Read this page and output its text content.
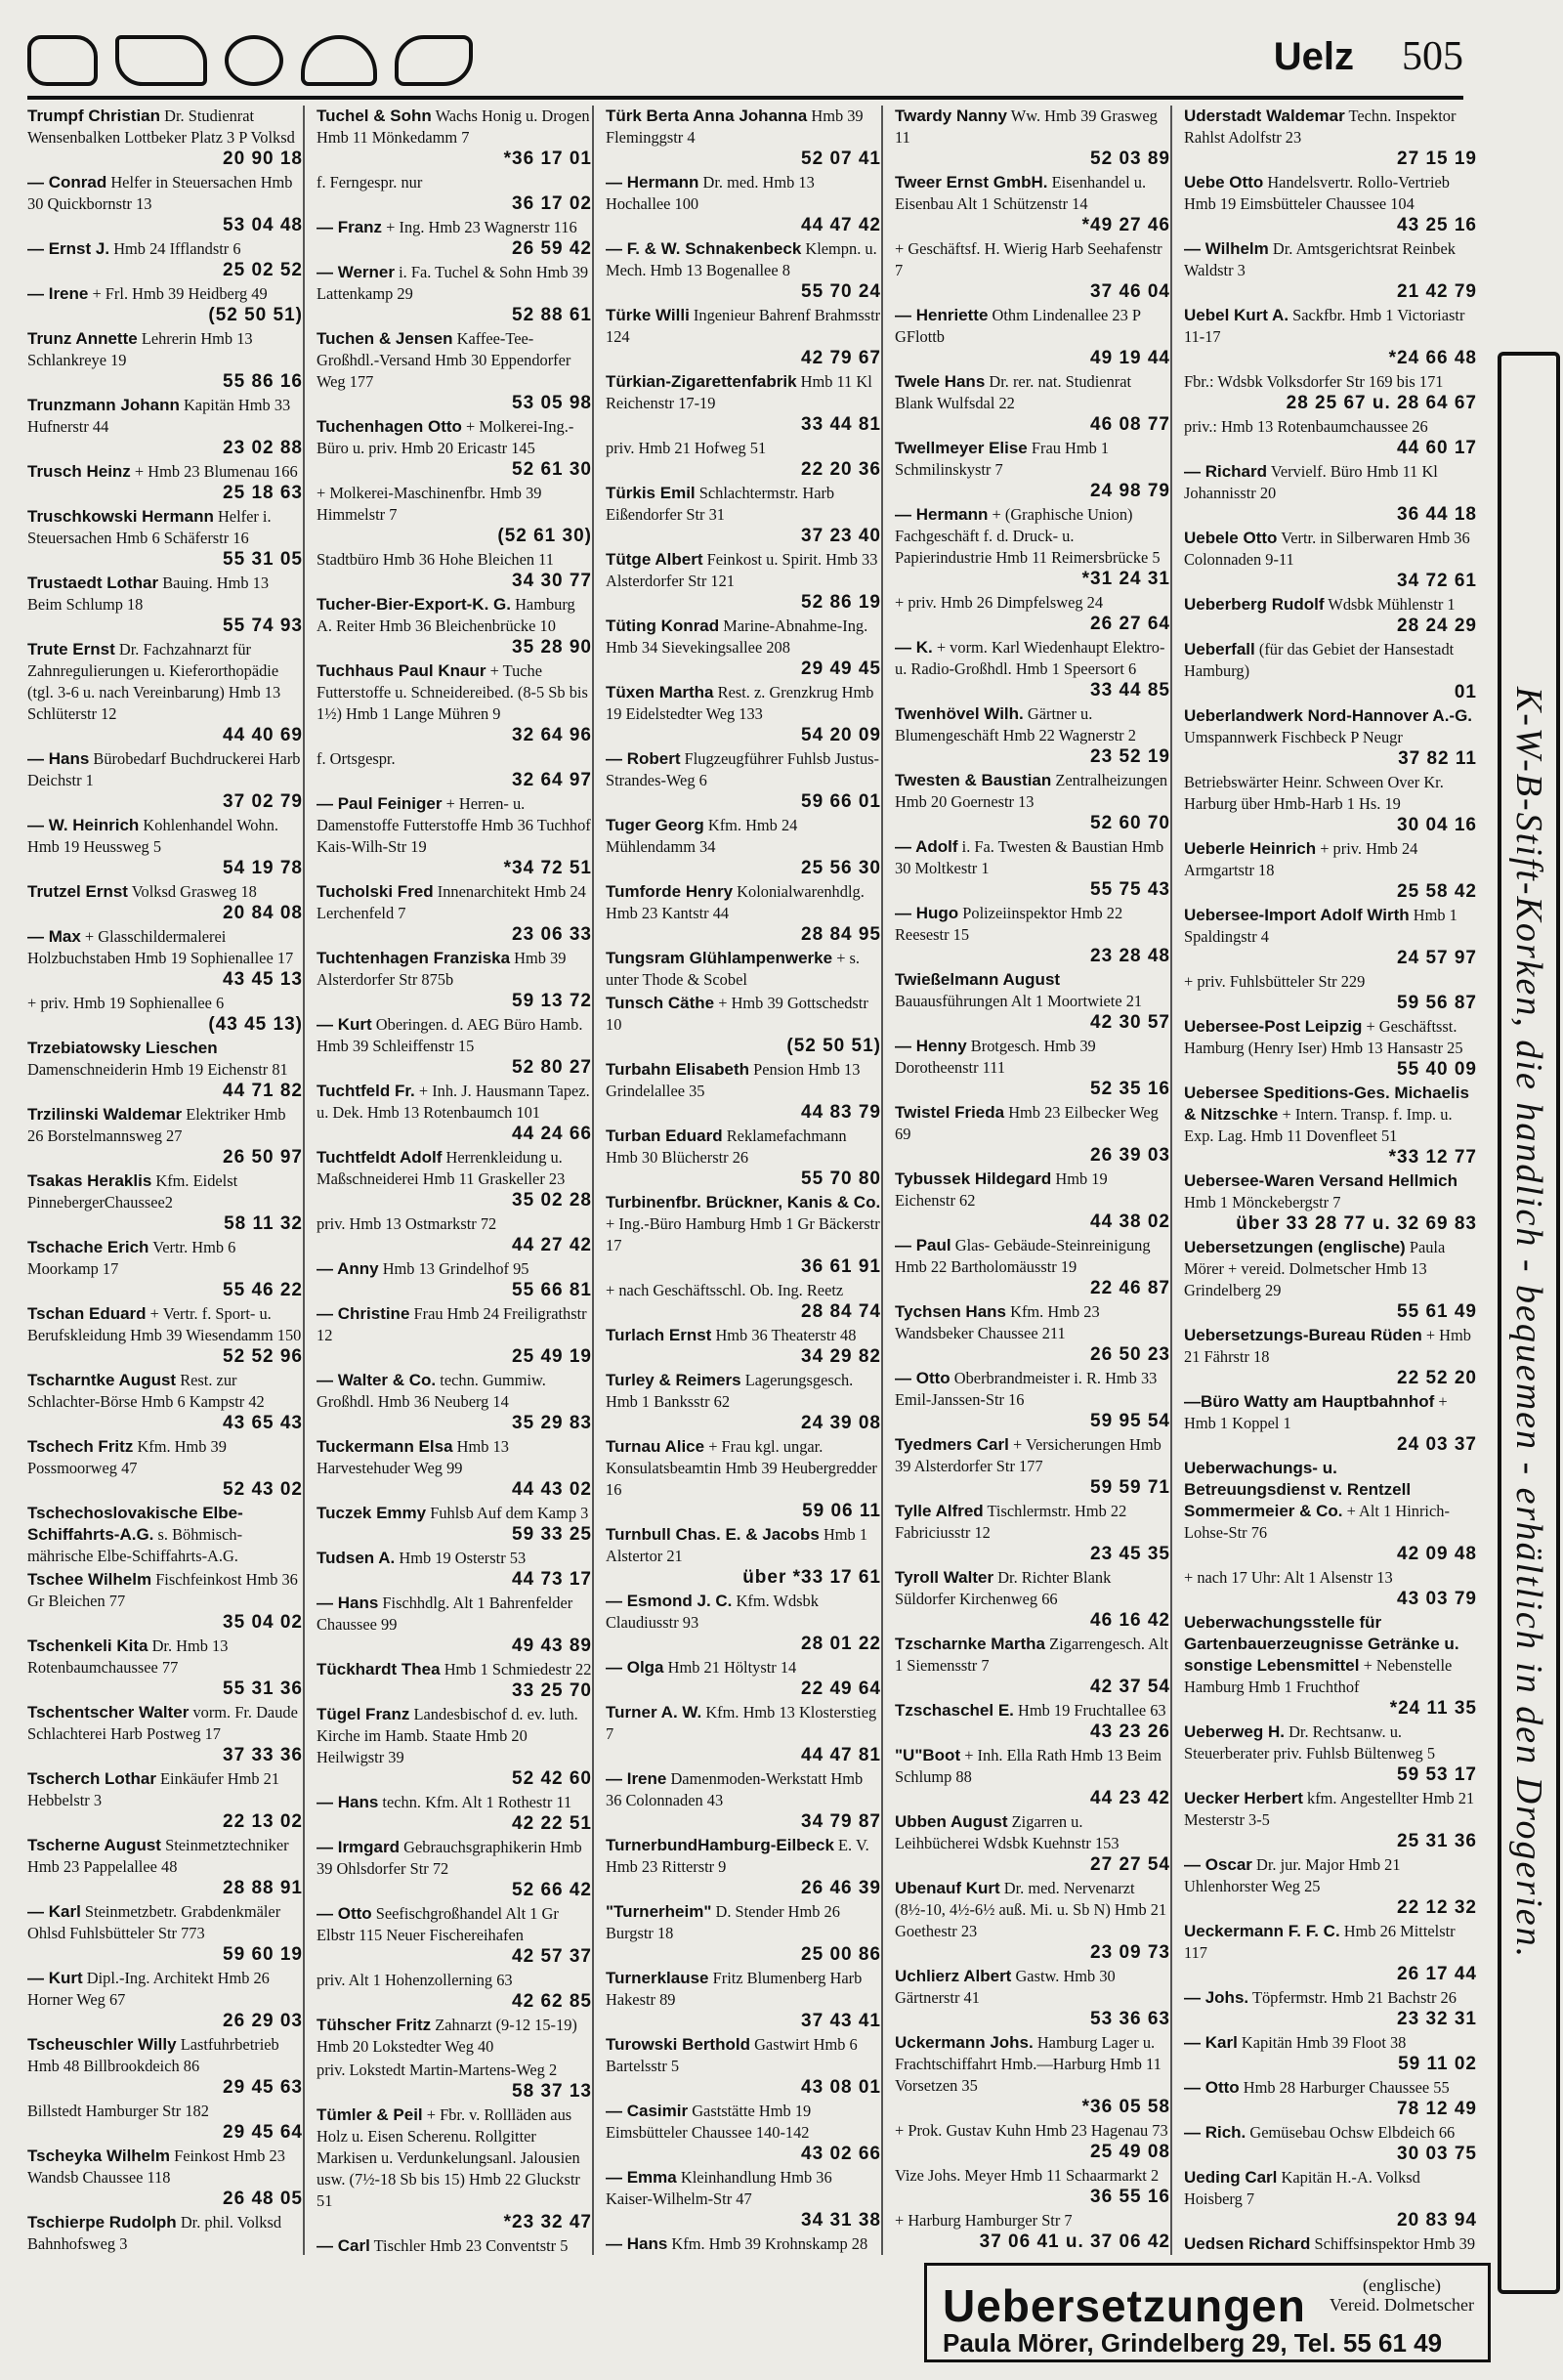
Uelz 505
Trumpf Christian Dr. Studienrat Wensenbalken Lottbeker Platz 3 P Volksd
20 90 18
— Conrad Helfer in Steuersachen Hmb 30 Quickbornstr 13
53 04 48
— Ernst J. Hmb 24 Ifflandstr 6
25 02 52
— Irene + Frl. Hmb 39 Heidberg 49
(52 50 51)
Trunz Annette Lehrerin Hmb 13 Schlankreye 19
55 86 16
Trunzmann Johann Kapitän Hmb 33 Hufnerstr 44
23 02 88
Trusch Heinz + Hmb 23 Blumenau 166
25 18 63
Truschkowski Hermann Helfer i. Steuersachen Hmb 6 Schäferstr 16
55 31 05
Trustaedt Lothar Bauing. Hmb 13 Beim Schlump 18
55 74 93
Trute Ernst Dr. Fachzahnarzt für Zahnregulierungen u. Kieferorthopädie (tgl. 3-6 u. nach Vereinbarung) Hmb 13 Schlüterstr 12
44 40 69
— Hans Bürobedarf Buchdruckerei Harb Deichstr 1
37 02 79
— W. Heinrich Kohlenhandel Wohn. Hmb 19 Heussweg 5
54 19 78
Trutzel Ernst Volksd Grasweg 18
20 84 08
— Max + Glasschildermalerei Holzbuchstaben Hmb 19 Sophienallee 17
43 45 13
+ priv. Hmb 19 Sophienallee 6
(43 45 13)
Trzebiatowsky Lieschen Damenschneiderin Hmb 19 Eichenstr 81
44 71 82
Trzilinski Waldemar Elektriker Hmb 26 Borstelmannsweg 27
26 50 97
Tsakas Heraklis Kfm. Eidelst PinnebergerChaussee2
58 11 32
Tschache Erich Vertr. Hmb 6 Moorkamp 17
55 46 22
Tschan Eduard + Vertr. f. Sport- u. Berufskleidung Hmb 39 Wiesendamm 150
52 52 96
Tscharntke August Rest. zur Schlachter-Börse Hmb 6 Kampstr 42
43 65 43
Tschech Fritz Kfm. Hmb 39 Possmoorweg 47
52 43 02
Tschechoslovakische Elbe-Schiffahrts-A.G. s. Böhmisch-mährische Elbe-Schiffahrts-A.G.
Tschee Wilhelm Fischfeinkost Hmb 36 Gr Bleichen 77
35 04 02
Tschenkeli Kita Dr. Hmb 13 Rotenbaumchaussee 77
55 31 36
Tschentscher Walter vorm. Fr. Daude Schlachterei Harb Postweg 17
37 33 36
Tscherch Lothar Einkäufer Hmb 21 Hebbelstr 3
22 13 02
Tscherne August Steinmetztechniker Hmb 23 Pappelallee 48
28 88 91
— Karl Steinmetzbetr. Grabdenkmäler Ohlsd Fuhlsbütteler Str 773
59 60 19
— Kurt Dipl.-Ing. Architekt Hmb 26 Horner Weg 67
26 29 03
Tscheuschler Willy Lastfuhrbetrieb Hmb 48 Billbrookdeich 86
29 45 63
Billstedt Hamburger Str 182
29 45 64
Tscheyka Wilhelm Feinkost Hmb 23 Wandsb Chaussee 118
26 48 05
Tschierpe Rudolph Dr. phil. Volksd Bahnhofsweg 3
Tuchel & Sohn Wachs Honig u. Drogen Hmb 11 Mönkedamm 7
*36 17 01
f. Ferngespr. nur
36 17 02
— Franz + Ing. Hmb 23 Wagnerstr 116
26 59 42
— Werner i. Fa. Tuchel & Sohn Hmb 39 Lattenkamp 29
52 88 61
Tuchen & Jensen Kaffee-Tee-Großhdl.-Versand Hmb 30 Eppendorfer Weg 177
53 05 98
Tuchenhagen Otto + Molkerei-Ing.-Büro u. priv. Hmb 20 Ericastr 145
52 61 30
+ Molkerei-Maschinenfbr. Hmb 39 Himmelstr 7
(52 61 30)
Stadtbüro Hmb 36 Hohe Bleichen 11
34 30 77
Tucher-Bier-Export-K. G. Hamburg A. Reiter Hmb 36 Bleichenbrücke 10
35 28 90
Tuchhaus Paul Knaur + Tuche Futterstoffe u. Schneidereibed. (8-5 Sb bis 1½) Hmb 1 Lange Mühren 9
32 64 96
f. Ortsgespr.
32 64 97
— Paul Feiniger + Herren- u. Damenstoffe Futterstoffe Hmb 36 Tuchhof Kais-Wilh-Str 19
*34 72 51
Tucholski Fred Innenarchitekt Hmb 24 Lerchenfeld 7
23 06 33
Tuchtenhagen Franziska Hmb 39 Alsterdorfer Str 875b
59 13 72
— Kurt Oberingen. d. AEG Büro Hamb. Hmb 39 Schleiffenstr 15
52 80 27
Tuchtfeld Fr. + Inh. J. Hausmann Tapez. u. Dek. Hmb 13 Rotenbaumch 101
44 24 66
Tuchtfeldt Adolf Herrenkleidung u. Maßschneiderei Hmb 11 Graskeller 23
35 02 28
priv. Hmb 13 Ostmarkstr 72
44 27 42
— Anny Hmb 13 Grindelhof 95
55 66 81
— Christine Frau Hmb 24 Freiligrathstr 12
25 49 19
— Walter & Co. techn. Gummiw. Großhdl. Hmb 36 Neuberg 14
35 29 83
Tuckermann Elsa Hmb 13 Harvestehuder Weg 99
44 43 02
Tuczek Emmy Fuhlsb Auf dem Kamp 3
59 33 25
Tudsen A. Hmb 19 Osterstr 53
44 73 17
— Hans Fischhdlg. Alt 1 Bahrenfelder Chaussee 99
49 43 89
Tückhardt Thea Hmb 1 Schmiedestr 22
33 25 70
Tügel Franz Landesbischof d. ev. luth. Kirche im Hamb. Staate Hmb 20 Heilwigstr 39
52 42 60
— Hans techn. Kfm. Alt 1 Rothestr 11
42 22 51
— Irmgard Gebrauchsgraphikerin Hmb 39 Ohlsdorfer Str 72
52 66 42
— Otto Seefischgroßhandel Alt 1 Gr Elbstr 115 Neuer Fischereihafen
42 57 37
priv. Alt 1 Hohenzollerning 63
42 62 85
Tühscher Fritz Zahnarzt (9-12 15-19) Hmb 20 Lokstedter Weg 40
priv. Lokstedt Martin-Martens-Weg 2
58 37 13
Tümler & Peil + Fbr. v. Rollläden aus Holz u. Eisen Scherenu. Rollgitter Markisen u. Verdunkelungsanl. Jalousien usw. (7½-18 Sb bis 15) Hmb 22 Gluckstr 51
*23 32 47
— Carl Tischler Hmb 23 Conventstr 5
Türk Berta Anna Johanna Hmb 39 Fleminggstr 4
52 07 41
— Hermann Dr. med. Hmb 13 Hochallee 100
44 47 42
— F. & W. Schnakenbeck Klempn. u. Mech. Hmb 13 Bogenallee 8
55 70 24
Türke Willi Ingenieur Bahrenf Brahmsstr 124
42 79 67
Türkian-Zigarettenfabrik Hmb 11 Kl Reichenstr 17-19
33 44 81
priv. Hmb 21 Hofweg 51
22 20 36
Türkis Emil Schlachtermstr. Harb Eißendorfer Str 31
37 23 40
Tütge Albert Feinkost u. Spirit. Hmb 33 Alsterdorfer Str 121
52 86 19
Tüting Konrad Marine-Abnahme-Ing. Hmb 34 Sievekingsallee 208
29 49 45
Tüxen Martha Rest. z. Grenzkrug Hmb 19 Eidelstedter Weg 133
54 20 09
— Robert Flugzeugführer Fuhlsb Justus-Strandes-Weg 6
59 66 01
Tuger Georg Kfm. Hmb 24 Mühlendamm 34
25 56 30
Tumforde Henry Kolonialwarenhdlg. Hmb 23 Kantstr 44
28 84 95
Tungsram Glühlampenwerke + s. unter Thode & Scobel
Tunsch Cäthe + Hmb 39 Gottschedstr 10
(52 50 51)
Turbahn Elisabeth Pension Hmb 13 Grindelallee 35
44 83 79
Turban Eduard Reklamefachmann Hmb 30 Blücherstr 26
55 70 80
Turbinenfbr. Brückner, Kanis & Co. + Ing.-Büro Hamburg Hmb 1 Gr Bäckerstr 17
36 61 91
+ nach Geschäftsschl. Ob. Ing. Reetz
28 84 74
Turlach Ernst Hmb 36 Theaterstr 48
34 29 82
Turley & Reimers Lagerungsgesch. Hmb 1 Banksstr 62
24 39 08
Turnau Alice + Frau kgl. ungar. Konsulatsbeamtin Hmb 39 Heubergredder 16
59 06 11
Turnbull Chas. E. & Jacobs Hmb 1 Alstertor 21
über *33 17 61
— Esmond J. C. Kfm. Wdsbk Claudiusstr 93
28 01 22
— Olga Hmb 21 Höltystr 14
22 49 64
Turner A. W. Kfm. Hmb 13 Klosterstieg 7
44 47 81
— Irene Damenmoden-Werkstatt Hmb 36 Colonnaden 43
34 79 87
TurnerbundHamburg-Eilbeck E. V. Hmb 23 Ritterstr 9
26 46 39
"Turnerheim" D. Stender Hmb 26 Burgstr 18
25 00 86
Turnerklause Fritz Blumenberg Harb Hakestr 89
37 43 41
Turowski Berthold Gastwirt Hmb 6 Bartelsstr 5
43 08 01
— Casimir Gaststätte Hmb 19 Eimsbütteler Chaussee 140-142
43 02 66
— Emma Kleinhandlung Hmb 36 Kaiser-Wilhelm-Str 47
34 31 38
— Hans Kfm. Hmb 39 Krohnskamp 28
Twardy Nanny Ww. Hmb 39 Grasweg 11
52 03 89
Tweer Ernst GmbH. Eisenhandel u. Eisenbau Alt 1 Schützenstr 14
*49 27 46
+ Geschäftsf. H. Wierig Harb Seehafenstr 7
37 46 04
— Henriette Othm Lindenallee 23 P GFlottb
49 19 44
Twele Hans Dr. rer. nat. Studienrat Blank Wulfsdal 22
46 08 77
Twellmeyer Elise Frau Hmb 1 Schmilinskystr 7
24 98 79
— Hermann + (Graphische Union) Fachgeschäft f. d. Druck- u. Papierindustrie Hmb 11 Reimersbrücke 5
*31 24 31
+ priv. Hmb 26 Dimpfelsweg 24
26 27 64
— K. + vorm. Karl Wiedenhaupt Elektro- u. Radio-Großhdl. Hmb 1 Speersort 6
33 44 85
Twenhövel Wilh. Gärtner u. Blumengeschäft Hmb 22 Wagnerstr 2
23 52 19
Twesten & Baustian Zentralheizungen Hmb 20 Goernestr 13
52 60 70
— Adolf i. Fa. Twesten & Baustian Hmb 30 Moltkestr 1
55 75 43
— Hugo Polizeiinspektor Hmb 22 Reesestr 15
23 28 48
Twießelmann August Bauausführungen Alt 1 Moortwiete 21
42 30 57
— Henny Brotgesch. Hmb 39 Dorotheenstr 111
52 35 16
Twistel Frieda Hmb 23 Eilbecker Weg 69
26 39 03
Tybussek Hildegard Hmb 19 Eichenstr 62
44 38 02
— Paul Glas- Gebäude-Steinreinigung Hmb 22 Bartholomäusstr 19
22 46 87
Tychsen Hans Kfm. Hmb 23 Wandsbeker Chaussee 211
26 50 23
— Otto Oberbrandmeister i. R. Hmb 33 Emil-Janssen-Str 16
59 95 54
Tyedmers Carl + Versicherungen Hmb 39 Alsterdorfer Str 177
59 59 71
Tylle Alfred Tischlermstr. Hmb 22 Fabriciusstr 12
23 45 35
Tyroll Walter Dr. Richter Blank Süldorfer Kirchenweg 66
46 16 42
Tzscharnke Martha Zigarrengesch. Alt 1 Siemensstr 7
42 37 54
Tzschaschel E. Hmb 19 Fruchtallee 63
43 23 26
"U"Boot + Inh. Ella Rath Hmb 13 Beim Schlump 88
44 23 42
Ubben August Zigarren u. Leihbücherei Wdsbk Kuehnstr 153
27 27 54
Ubenauf Kurt Dr. med. Nervenarzt (8½-10, 4½-6½ auß. Mi. u. Sb N) Hmb 21 Goethestr 23
23 09 73
Uchlierz Albert Gastw. Hmb 30 Gärtnerstr 41
53 36 63
Uckermann Johs. Hamburg Lager u. Frachtschiffahrt Hmb.—Harburg Hmb 11 Vorsetzen 35
*36 05 58
+ Prok. Gustav Kuhn Hmb 23 Hagenau 73
25 49 08
Vize Johs. Meyer Hmb 11 Schaarmarkt 2
36 55 16
+ Harburg Hamburger Str 7
37 06 41 u. 37 06 42
Uderstadt Waldemar Techn. Inspektor Rahlst Adolfstr 23
27 15 19
Uebe Otto Handelsvertr. Rollo-Vertrieb Hmb 19 Eimsbütteler Chaussee 104
43 25 16
— Wilhelm Dr. Amtsgerichtsrat Reinbek Waldstr 3
21 42 79
Uebel Kurt A. Sackfbr. Hmb 1 Victoriastr 11-17
*24 66 48
Fbr.: Wdsbk Volksdorfer Str 169 bis 171
28 25 67 u. 28 64 67
priv.: Hmb 13 Rotenbaumchaussee 26
44 60 17
— Richard Vervielf. Büro Hmb 11 Kl Johannisstr 20
36 44 18
Uebele Otto Vertr. in Silberwaren Hmb 36 Colonnaden 9-11
34 72 61
Ueberberg Rudolf Wdsbk Mühlenstr 1
28 24 29
Ueberfall (für das Gebiet der Hansestadt Hamburg)
01
Ueberlandwerk Nord-Hannover A.-G. Umspannwerk Fischbeck P Neugr
37 82 11
Betriebswärter Heinr. Schween Over Kr. Harburg über Hmb-Harb 1 Hs. 19
30 04 16
Ueberle Heinrich + priv. Hmb 24 Armgartstr 18
25 58 42
Uebersee-Import Adolf Wirth Hmb 1 Spaldingstr 4
24 57 97
+ priv. Fuhlsbütteler Str 229
59 56 87
Uebersee-Post Leipzig + Geschäftsst. Hamburg (Henry Iser) Hmb 13 Hansastr 25
55 40 09
Uebersee Speditions-Ges. Michaelis & Nitzschke + Intern. Transp. f. Imp. u. Exp. Lag. Hmb 11 Dovenfleet 51
*33 12 77
Uebersee-Waren Versand Hellmich Hmb 1 Mönckebergstr 7
über 33 28 77 u. 32 69 83
Uebersetzungen (englische) Paula Mörer + vereid. Dolmetscher Hmb 13 Grindelberg 29
55 61 49
Uebersetzungs-Bureau Rüden + Hmb 21 Fährstr 18
22 52 20
—Büro Watty am Hauptbahnhof + Hmb 1 Koppel 1
24 03 37
Ueberwachungs- u. Betreuungsdienst v. Rentzell Sommermeier & Co. + Alt 1 Hinrich-Lohse-Str 76
42 09 48
+ nach 17 Uhr: Alt 1 Alsenstr 13
43 03 79
Ueberwachungsstelle für Gartenbauerzeugnisse Getränke u. sonstige Lebensmittel + Nebenstelle Hamburg Hmb 1 Fruchthof
*24 11 35
Ueberweg H. Dr. Rechtsanw. u. Steuerberater priv. Fuhlsb Bültenweg 5
59 53 17
Uecker Herbert kfm. Angestellter Hmb 21 Mesterstr 3-5
25 31 36
— Oscar Dr. jur. Major Hmb 21 Uhlenhorster Weg 25
22 12 32
Ueckermann F. F. C. Hmb 26 Mittelstr 117
26 17 44
— Johs. Töpfermstr. Hmb 21 Bachstr 26
23 32 31
— Karl Kapitän Hmb 39 Floot 38
59 11 02
— Otto Hmb 28 Harburger Chaussee 55
78 12 49
— Rich. Gemüsebau Ochsw Elbdeich 66
30 03 75
Ueding Carl Kapitän H.-A. Volksd Hoisberg 7
20 83 94
Uedsen Richard Schiffsinspektor Hmb 39
K-W-B-Stift-Korken, die handlich - bequemen - erhältlich in den Drogerien.
Uebersetzungen	(englische)
Vereid. Dolmetscher
Paula Mörer, Grindelberg 29, Tel. 55 61 49
